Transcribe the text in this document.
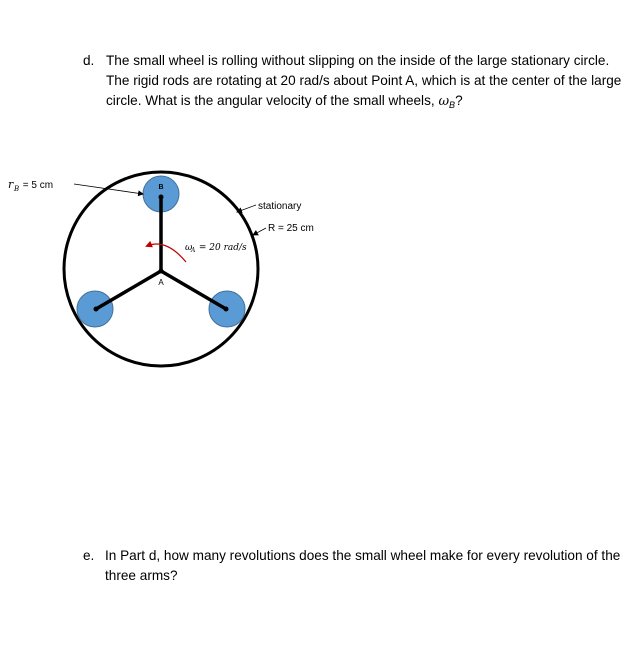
d. The small wheel is rolling without slipping on the inside of the large stationary circle. The rigid rods are rotating at 20 rad/s about Point A, which is at the center of the large circle. What is the angular velocity of the small wheels, $\omega_B$?
B
A
r B = 5 cm
stationary
R = 25 cm
ω
A = 20 rad/s
e. In Part d, how many revolutions does the small wheel make for every revolution of the three arms?
